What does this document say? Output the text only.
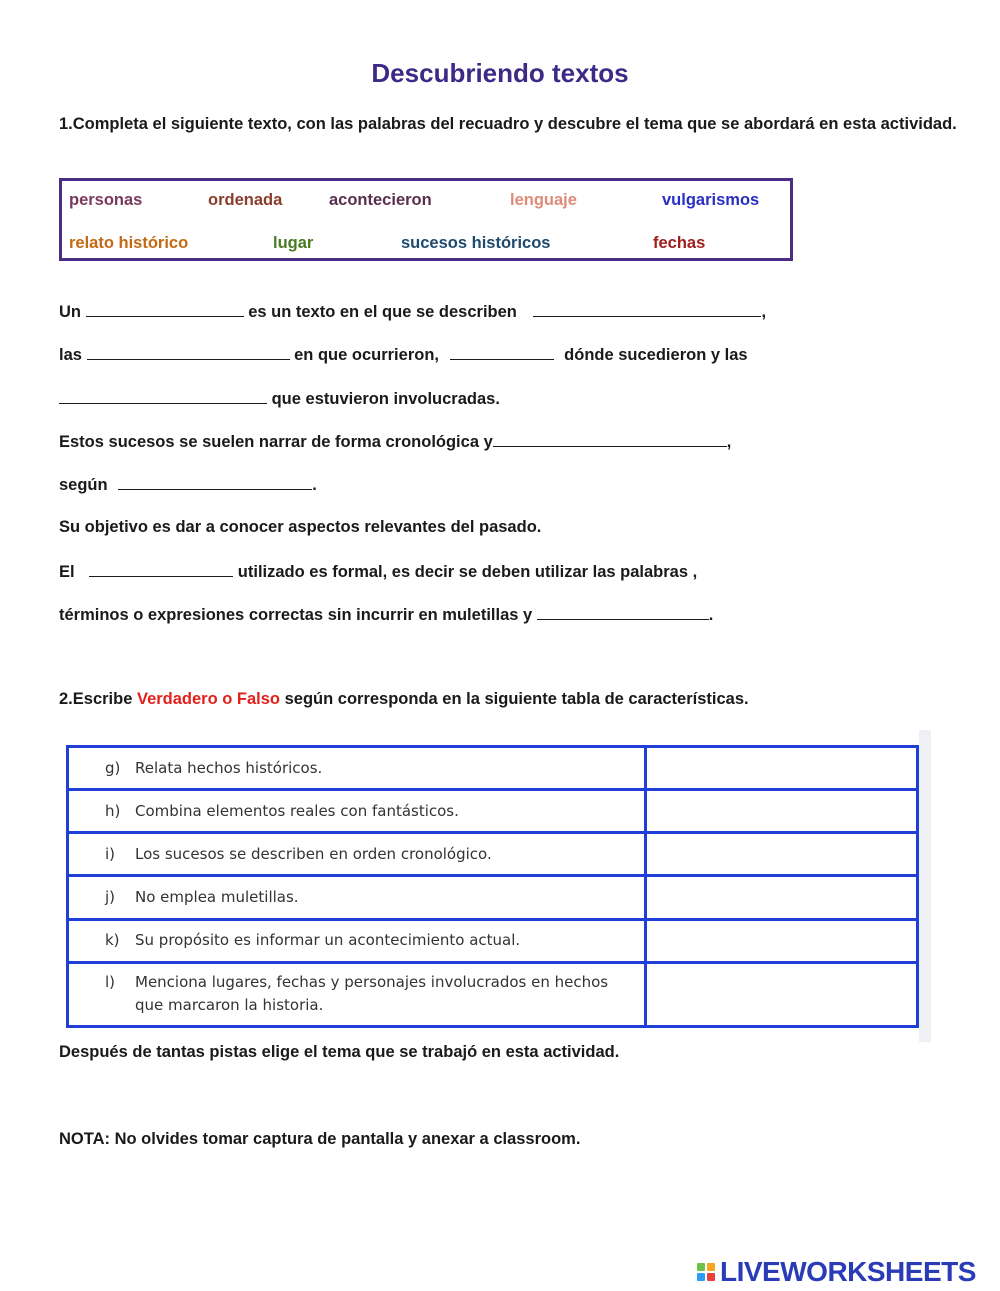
Descubriendo textos
1.Completa el siguiente texto, con las palabras del recuadro y descubre el tema que se abordará en esta actividad.
personas	ordenada	acontecieron	lenguaje	vulgarismos
relato histórico	lugar	sucesos históricos	fechas
Un	es un texto en el que se describen	,
las	en que ocurrieron,	dónde sucedieron y las
que estuvieron involucradas.
Estos sucesos se suelen narrar de forma cronológica y	,
según	.
Su objetivo es dar a conocer aspectos relevantes del pasado.
El	utilizado es formal, es decir se deben utilizar las palabras ,
términos o expresiones correctas sin incurrir en muletillas y	.
2.Escribe Verdadero o Falso según corresponda en la siguiente tabla de características.
g) Relata hechos históricos.	

h) Combina elementos reales con fantásticos.	

i) Los sucesos se describen en orden cronológico.	

j) No emplea muletillas.	

k) Su propósito es informar un acontecimiento actual.	

l) Menciona lugares, fechas y personajes involucrados en hechos que marcaron la historia.	

Después de tantas pistas elige el tema que se trabajó en esta actividad.
NOTA: No olvides tomar captura de pantalla y anexar a classroom.
LIVEWORKSHEETS
